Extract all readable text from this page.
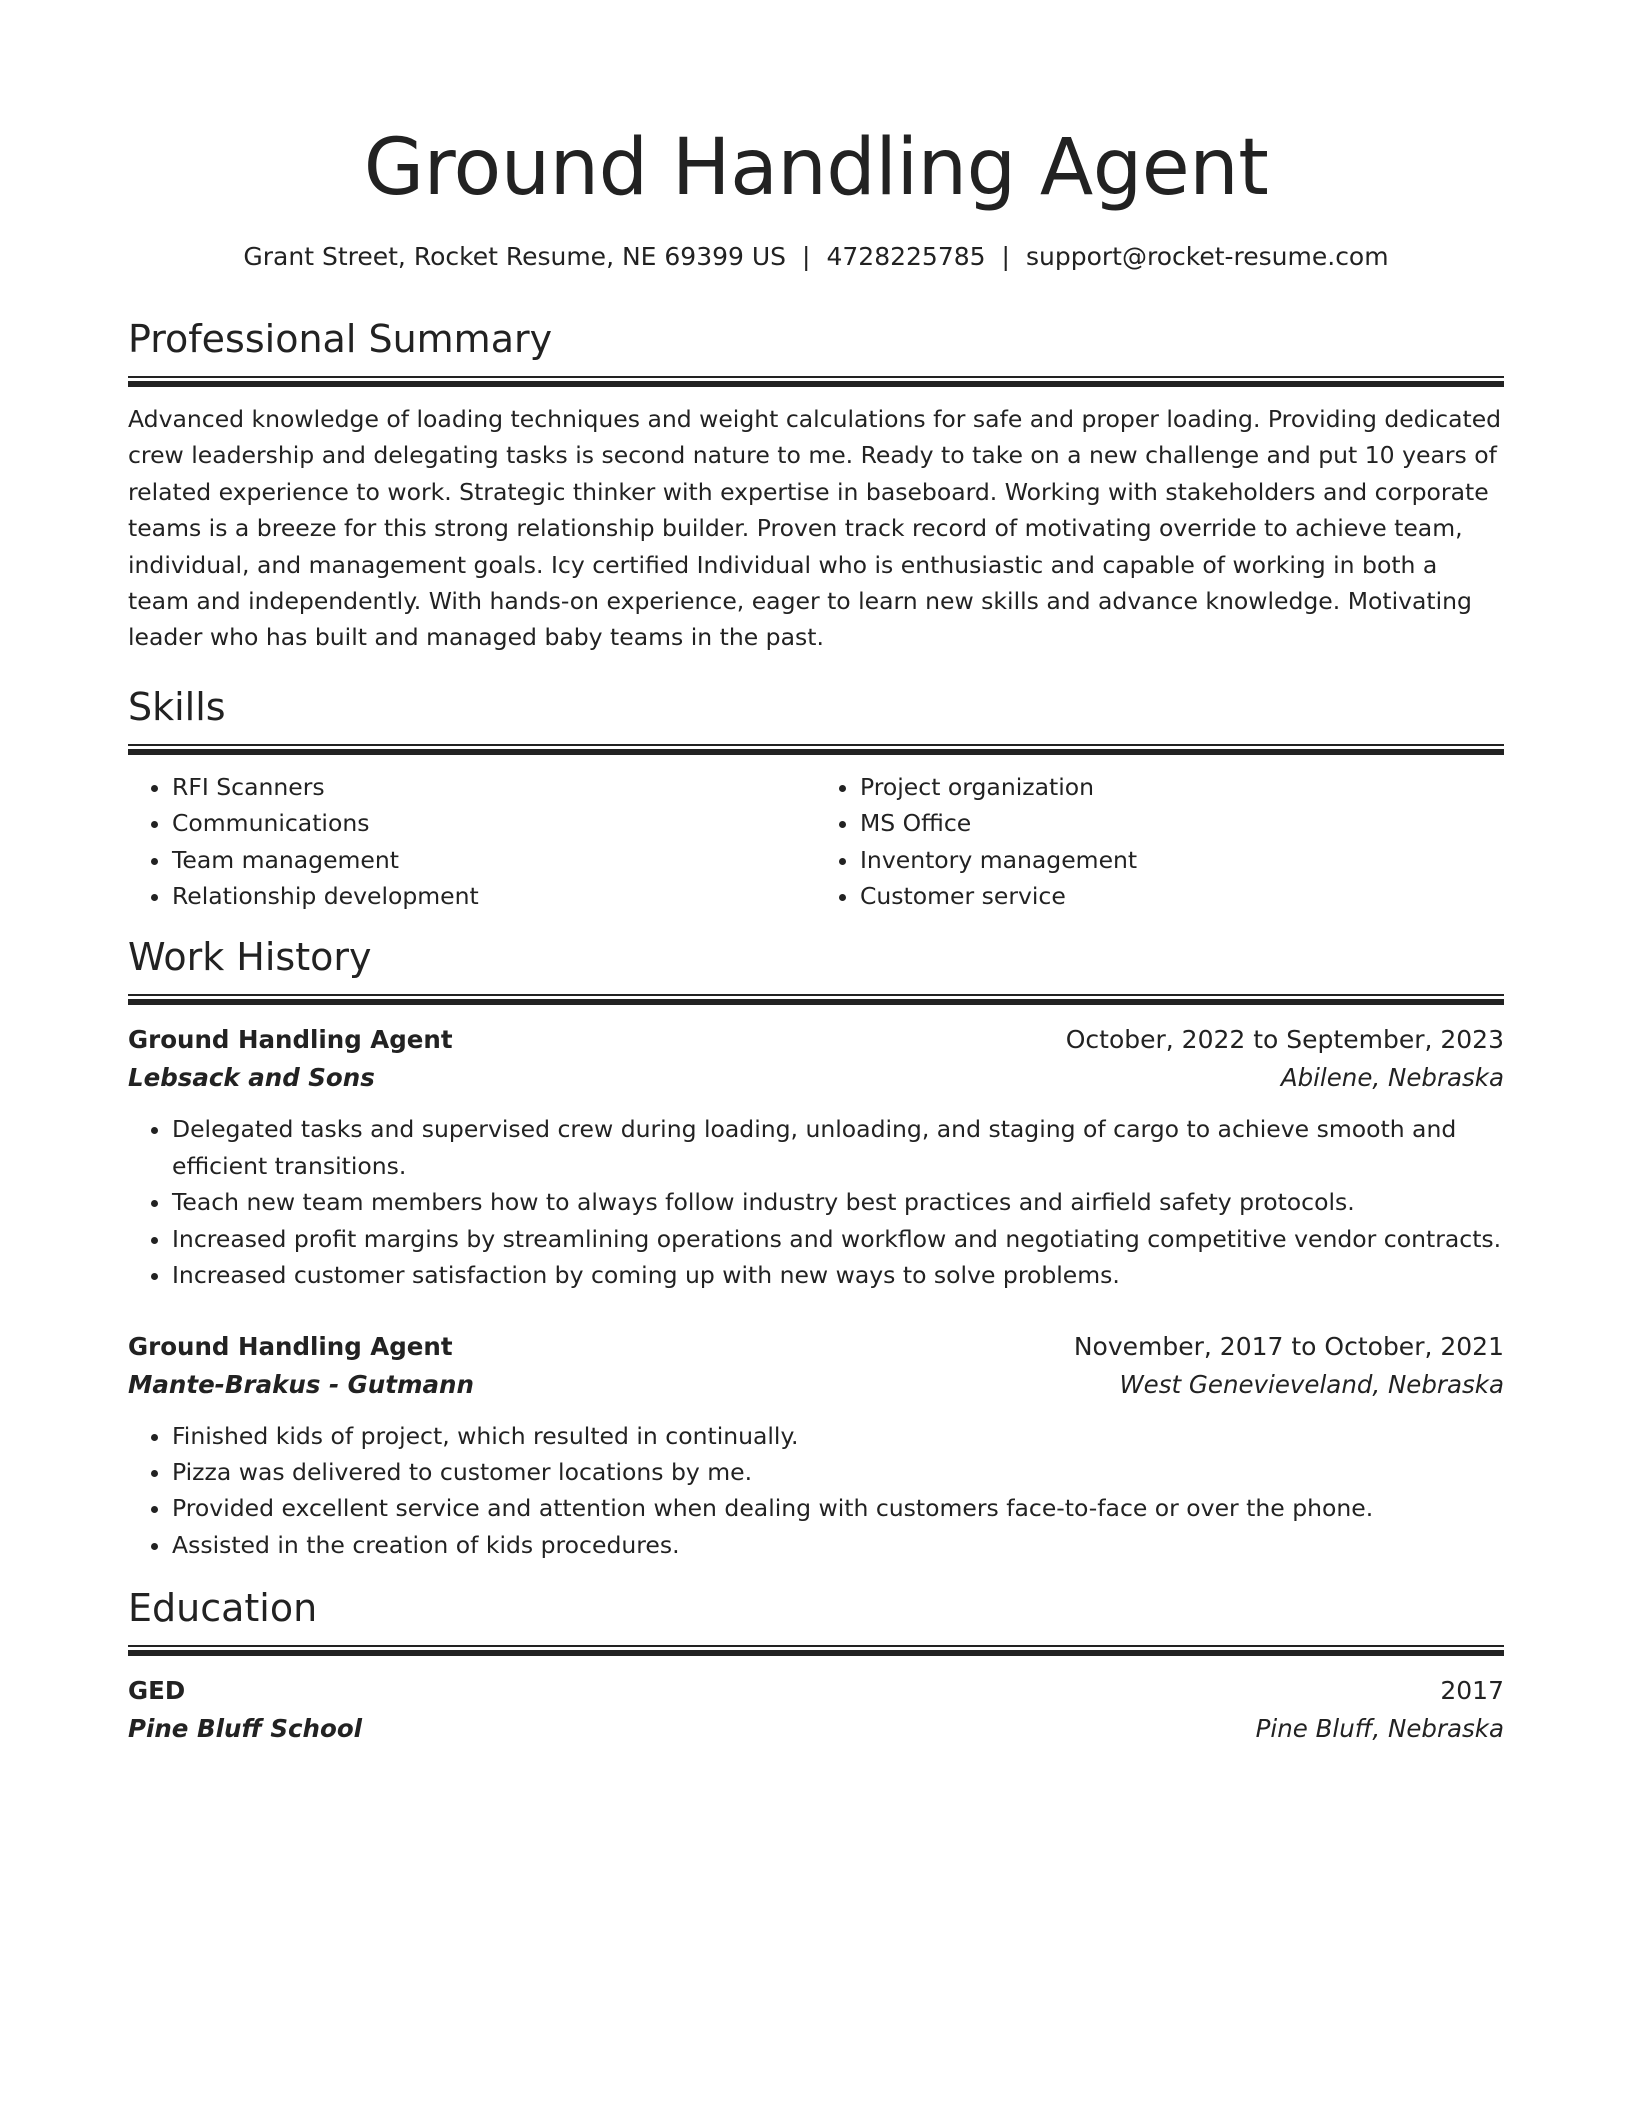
Ground Handling Agent
Grant Street, Rocket Resume, NE 69399 US | 4728225785 | support@rocket-resume.com
Professional Summary
Advanced knowledge of loading techniques and weight calculations for safe and proper loading. Providing dedicated crew leadership and delegating tasks is second nature to me. Ready to take on a new challenge and put 10 years of related experience to work. Strategic thinker with expertise in baseboard. Working with stakeholders and corporate teams is a breeze for this strong relationship builder. Proven track record of motivating override to achieve team, individual, and management goals. Icy certified Individual who is enthusiastic and capable of working in both a team and independently. With hands-on experience, eager to learn new skills and advance knowledge. Motivating leader who has built and managed baby teams in the past.
Skills
• RFI Scanners
• Communications
• Team management
• Relationship development
• Project organization
• MS Office
• Inventory management
• Customer service
Work History
Ground Handling Agent	October, 2022 to September, 2023
Lebsack and Sons	Abilene, Nebraska
• Delegated tasks and supervised crew during loading, unloading, and staging of cargo to achieve smooth and efficient transitions.
• Teach new team members how to always follow industry best practices and airfield safety protocols.
• Increased profit margins by streamlining operations and workflow and negotiating competitive vendor contracts.
• Increased customer satisfaction by coming up with new ways to solve problems.
Ground Handling Agent	November, 2017 to October, 2021
Mante-Brakus - Gutmann	West Genevieveland, Nebraska
• Finished kids of project, which resulted in continually.
• Pizza was delivered to customer locations by me.
• Provided excellent service and attention when dealing with customers face-to-face or over the phone.
• Assisted in the creation of kids procedures.
Education
GED	2017
Pine Bluff School	Pine Bluff, Nebraska
